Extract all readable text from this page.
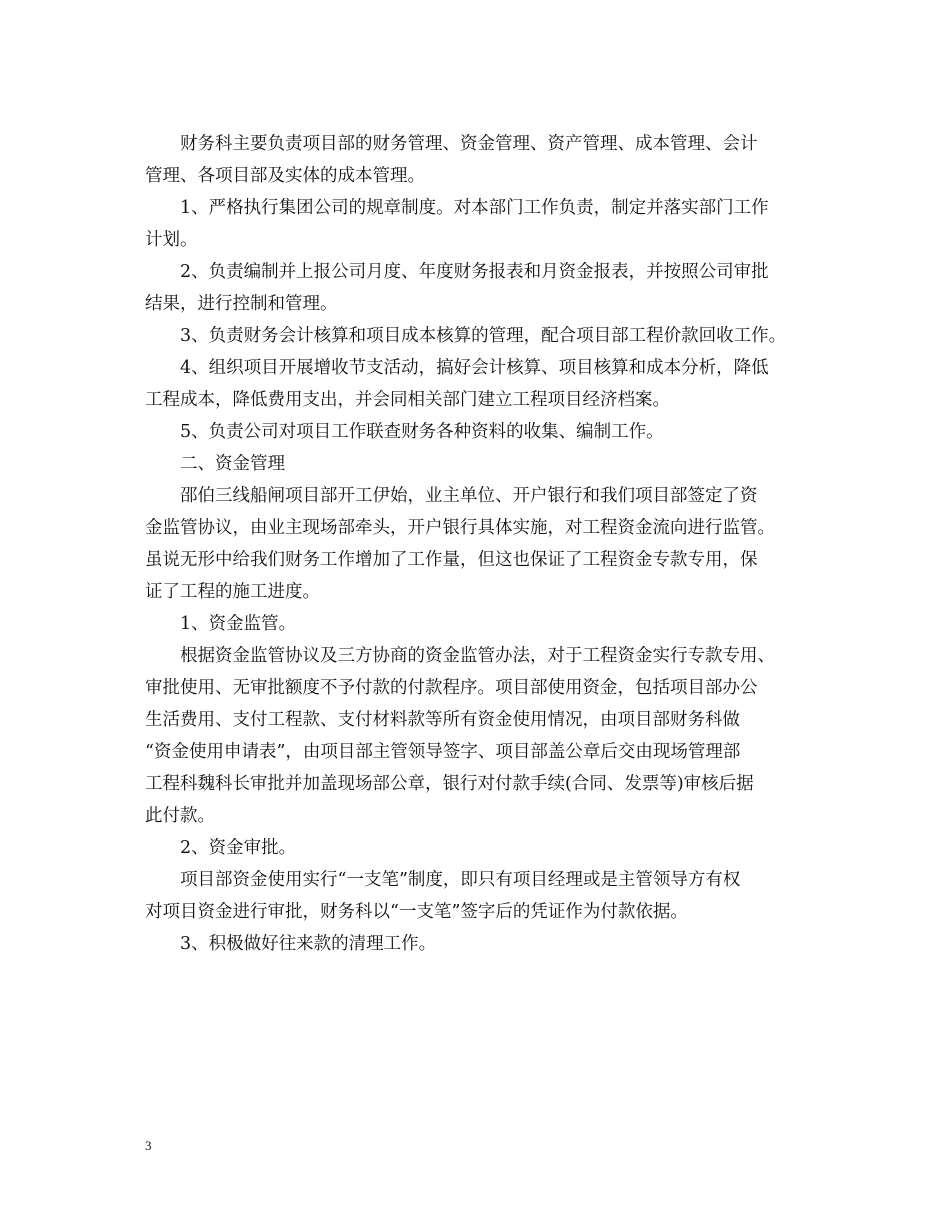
财务科主要负责项目部的财务管理、资金管理、资产管理、成本管理、会计
管理、各项目部及实体的成本管理。
1、严格执行集团公司的规章制度。对本部门工作负责，制定并落实部门工作
计划。
2、负责编制并上报公司月度、年度财务报表和月资金报表，并按照公司审批
结果，进行控制和管理。
3、负责财务会计核算和项目成本核算的管理，配合项目部工程价款回收工作。
4、组织项目开展增收节支活动，搞好会计核算、项目核算和成本分析，降低
工程成本，降低费用支出，并会同相关部门建立工程项目经济档案。
5、负责公司对项目工作联查财务各种资料的收集、编制工作。
二、资金管理
邵伯三线船闸项目部开工伊始，业主单位、开户银行和我们项目部签定了资
金监管协议，由业主现场部牵头，开户银行具体实施，对工程资金流向进行监管。
虽说无形中给我们财务工作增加了工作量，但这也保证了工程资金专款专用，保
证了工程的施工进度。
1、资金监管。
根据资金监管协议及三方协商的资金监管办法，对于工程资金实行专款专用、
审批使用、无审批额度不予付款的付款程序。项目部使用资金，包括项目部办公
生活费用、支付工程款、支付材料款等所有资金使用情况，由项目部财务科做
“资金使用申请表”，由项目部主管领导签字、项目部盖公章后交由现场管理部
工程科魏科长审批并加盖现场部公章，银行对付款手续(合同、发票等)审核后据
此付款。
2、资金审批。
项目部资金使用实行“一支笔”制度，即只有项目经理或是主管领导方有权
对项目资金进行审批，财务科以“一支笔”签字后的凭证作为付款依据。
3、积极做好往来款的清理工作。
3
